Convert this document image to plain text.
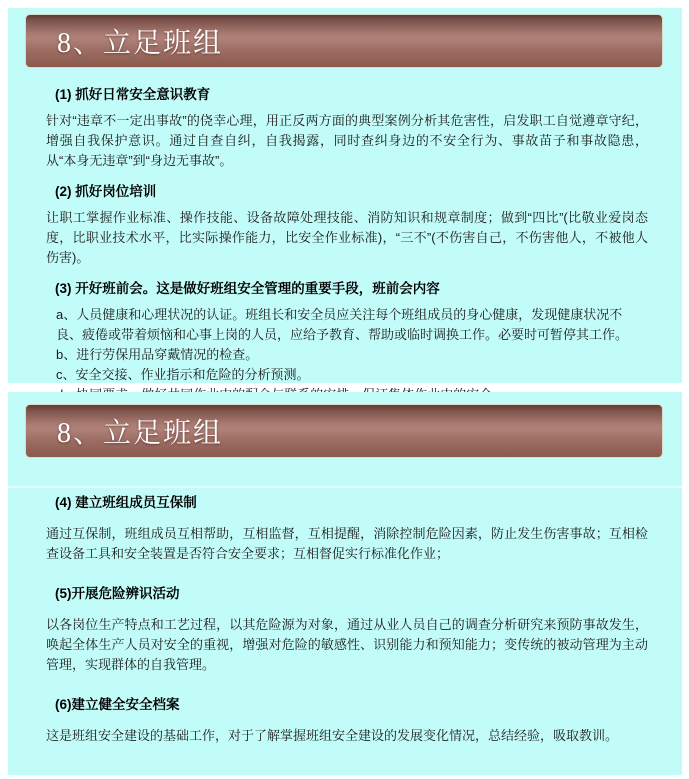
8、立足班组
(1) 抓好日常安全意识教育

针对“违章不一定出事故”的侥幸心理，用正反两方面的典型案例分析其危害性，启发职工自觉遵章守纪，增强自我保护意识。通过自查自纠，自我揭露，同时查纠身边的不安全行为、事故苗子和事故隐患，从“本身无违章”到“身边无事故”。

(2) 抓好岗位培训

让职工掌握作业标准、操作技能、设备故障处理技能、消防知识和规章制度；做到“四比”(比敬业爱岗态度，比职业技术水平，比实际操作能力，比安全作业标准)，“三不”(不伤害自己，不伤害他人，不被他人伤害)。

(3) 开好班前会。这是做好班组安全管理的重要手段，班前会内容

a、人员健康和心理状况的认证。班组长和安全员应关注每个班组成员的身心健康，发现健康状况不良、疲倦或带着烦恼和心事上岗的人员，应给予教育、帮助或临时调换工作。必要时可暂停其工作。

b、进行劳保用品穿戴情况的检查。

c、安全交接、作业指示和危险的分析预测。

8、立足班组
(4) 建立班组成员互保制

通过互保制，班组成员互相帮助，互相监督，互相提醒，消除控制危险因素，防止发生伤害事故；互相检查设备工具和安全装置是否符合安全要求；互相督促实行标准化作业；

(5)开展危险辨识活动

以各岗位生产特点和工艺过程，以其危险源为对象，通过从业人员自己的调查分析研究来预防事故发生，唤起全体生产人员对安全的重视，增强对危险的敏感性、识别能力和预知能力；变传统的被动管理为主动管理，实现群体的自我管理。

(6)建立健全安全档案

这是班组安全建设的基础工作，对于了解掌握班组安全建设的发展变化情况，总结经验，吸取教训。
